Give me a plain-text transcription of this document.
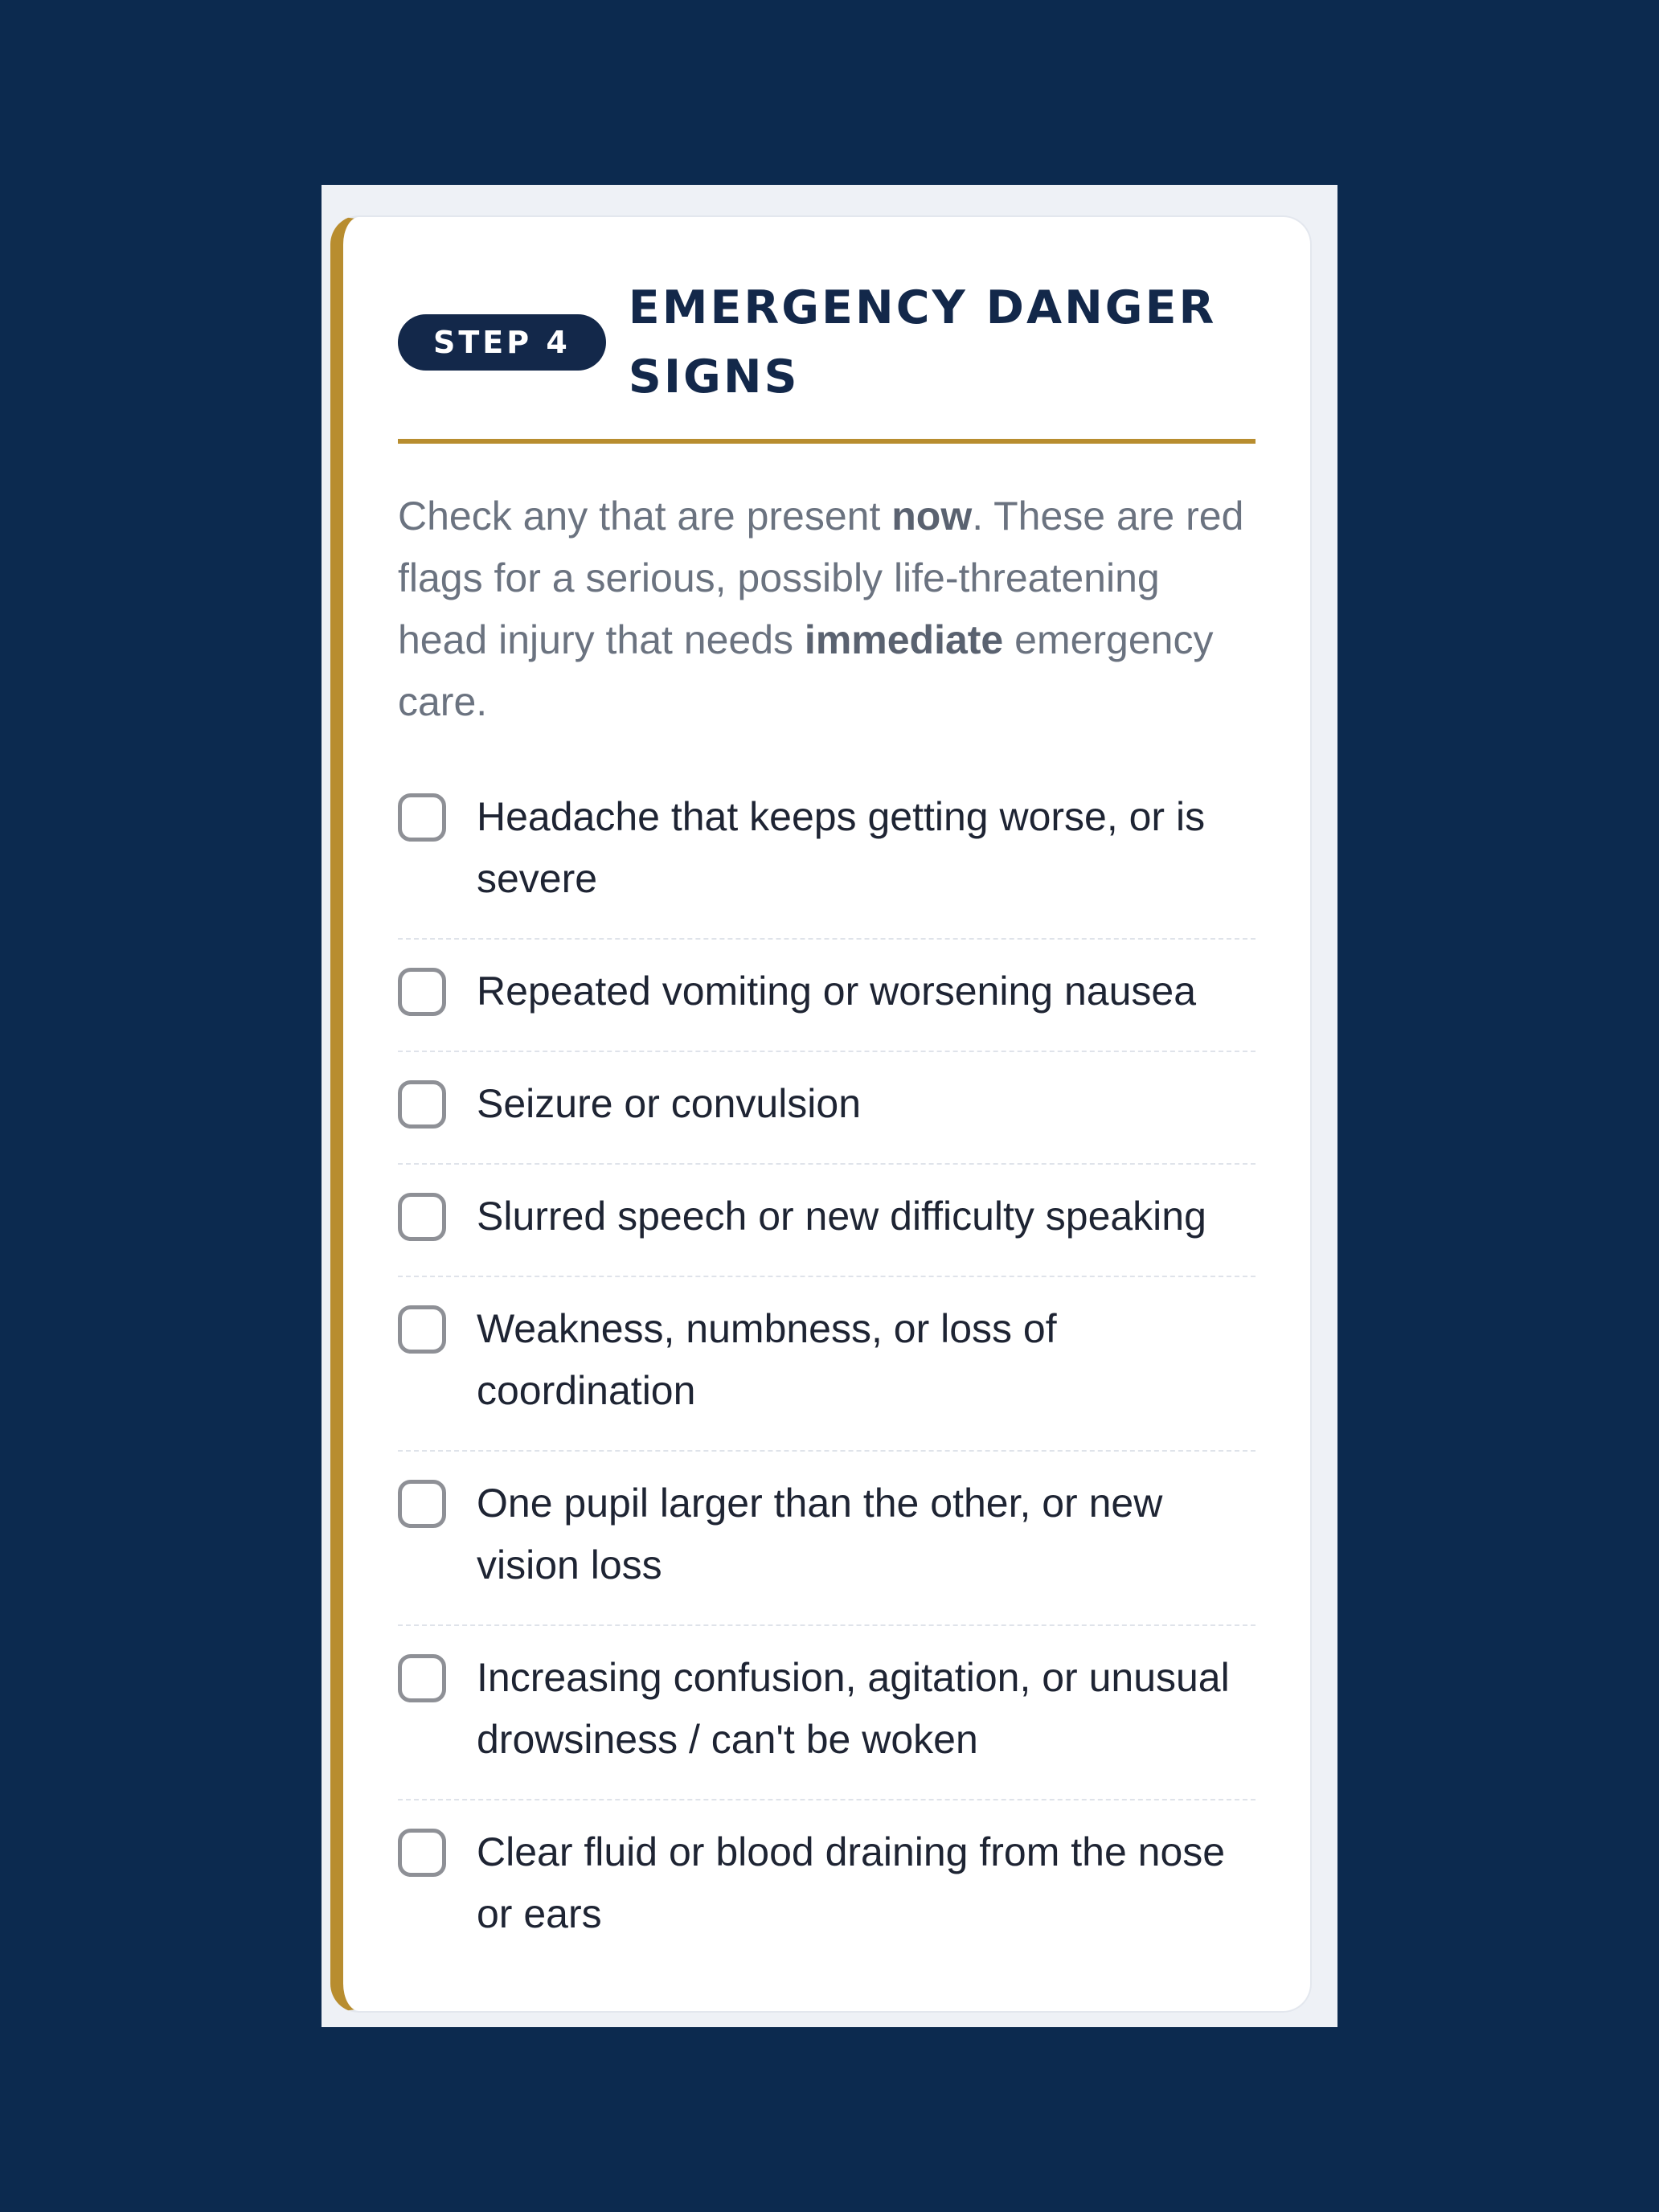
STEP 4
EMERGENCY DANGER SIGNS

Check any that are present now. These are red flags for a serious, possibly life-threatening head injury that needs immediate emergency care.

Headache that keeps getting worse, or is severe
Repeated vomiting or worsening nausea
Seizure or convulsion
Slurred speech or new difficulty speaking
Weakness, numbness, or loss of coordination
One pupil larger than the other, or new vision loss
Increasing confusion, agitation, or unusual drowsiness / can't be woken
Clear fluid or blood draining from the nose or ears
